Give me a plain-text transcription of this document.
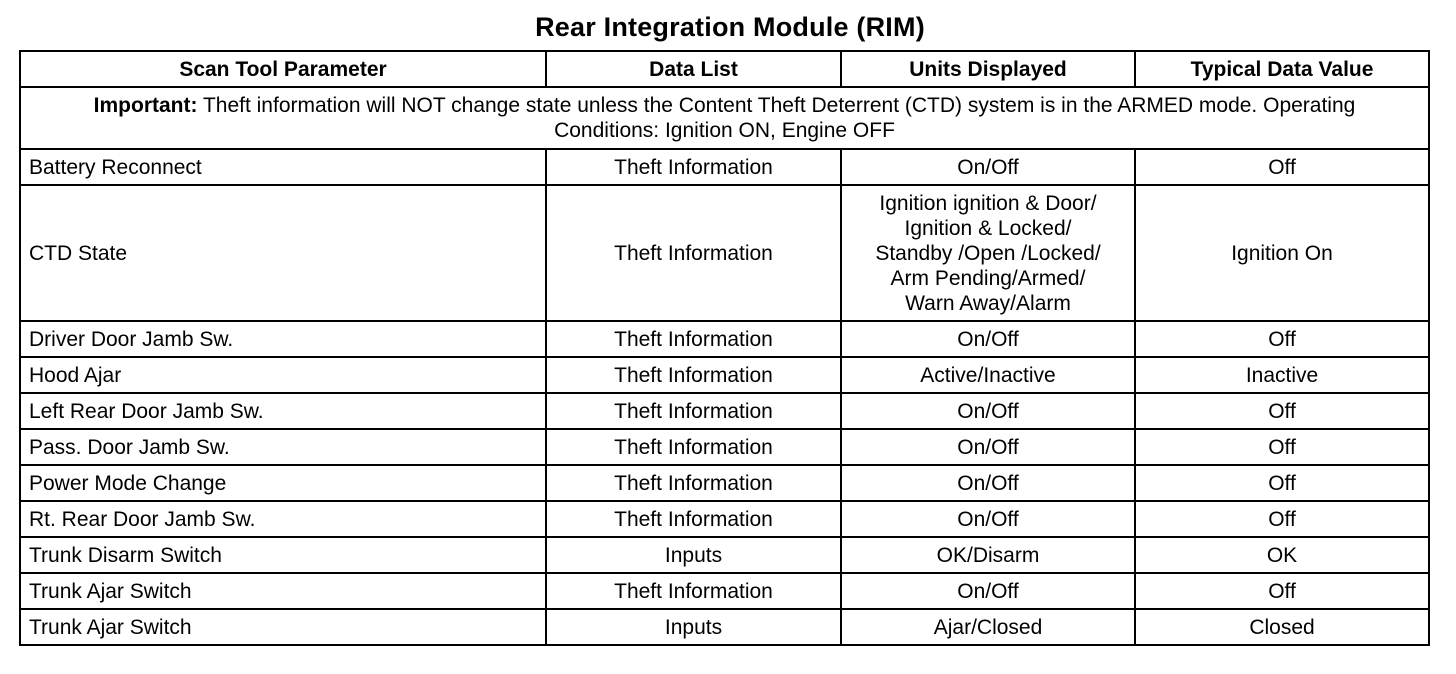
Rear Integration Module (RIM)
Scan Tool Parameter	Data List	Units Displayed	Typical Data Value
Important: Theft information will NOT change state unless the Content Theft Deterrent (CTD) system is in the ARMED mode. Operating Conditions: Ignition ON, Engine OFF			
Battery Reconnect	Theft Information	On/Off	Off
CTD State	Theft Information	Ignition ignition & Door/
Ignition & Locked/
Standby /Open /Locked/
Arm Pending/Armed/
Warn Away/Alarm	Ignition On
Driver Door Jamb Sw.	Theft Information	On/Off	Off
Hood Ajar	Theft Information	Active/Inactive	Inactive
Left Rear Door Jamb Sw.	Theft Information	On/Off	Off
Pass. Door Jamb Sw.	Theft Information	On/Off	Off
Power Mode Change	Theft Information	On/Off	Off
Rt. Rear Door Jamb Sw.	Theft Information	On/Off	Off
Trunk Disarm Switch	Inputs	OK/Disarm	OK
Trunk Ajar Switch	Theft Information	On/Off	Off
Trunk Ajar Switch	Inputs	Ajar/Closed	Closed
